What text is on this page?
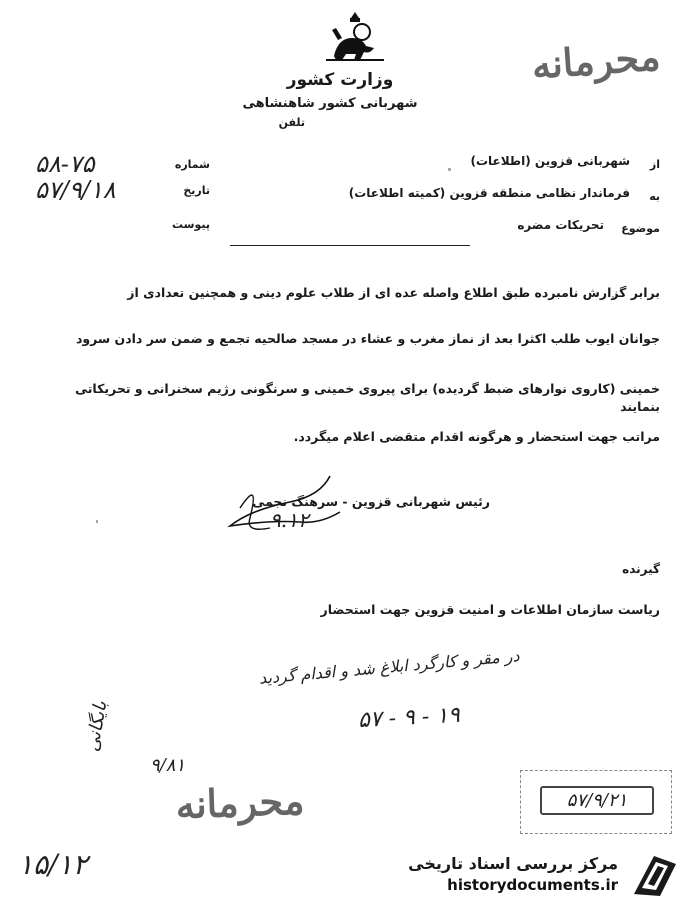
وزارت کشور
شهربانی کشور شاهنشاهی
تلفن
محرمانه
شماره
۵۸-۷۵
تاریخ
۵۷/۹/۱۸
پیوست
از
شهربانی قزوین (اطلاعات)
به
فرماندار نظامی منطقه قزوین (کمیته اطلاعات)
موضوع
تحریکات مضره
برابر گزارش نامبرده طبق اطلاع واصله عده ای از طلاب علوم دینی و همچنین تعدادی از
جوانان ایوب طلب اکثرا بعد از نماز مغرب و عشاء در مسجد صالحیه تجمع و ضمن سر دادن سرود
خمینی (کاروی نوارهای ضبط گردیده) برای پیروی خمینی و سرنگونی رژیم سخنرانی و تحریکاتی بنمایند
مراتب جهت استحضار و هرگونه اقدام متقضی اعلام میگردد.
رئیس شهربانی قزوین - سرهنگ نجمی
۹.۱۲
گیرنده
ریاست سازمان اطلاعات و امنیت قزوین جهت استحضار
در مقر و کارگرد ابلاغ شد و اقدام گردید
۱۹ - ۹ - ۵۷
بایگانی
۹/۸۱
محرمانه	۵۷/۹/۲۱
۱۵/۱۲	مرکز بررسی اسناد تاریخی
historydocuments.ir
